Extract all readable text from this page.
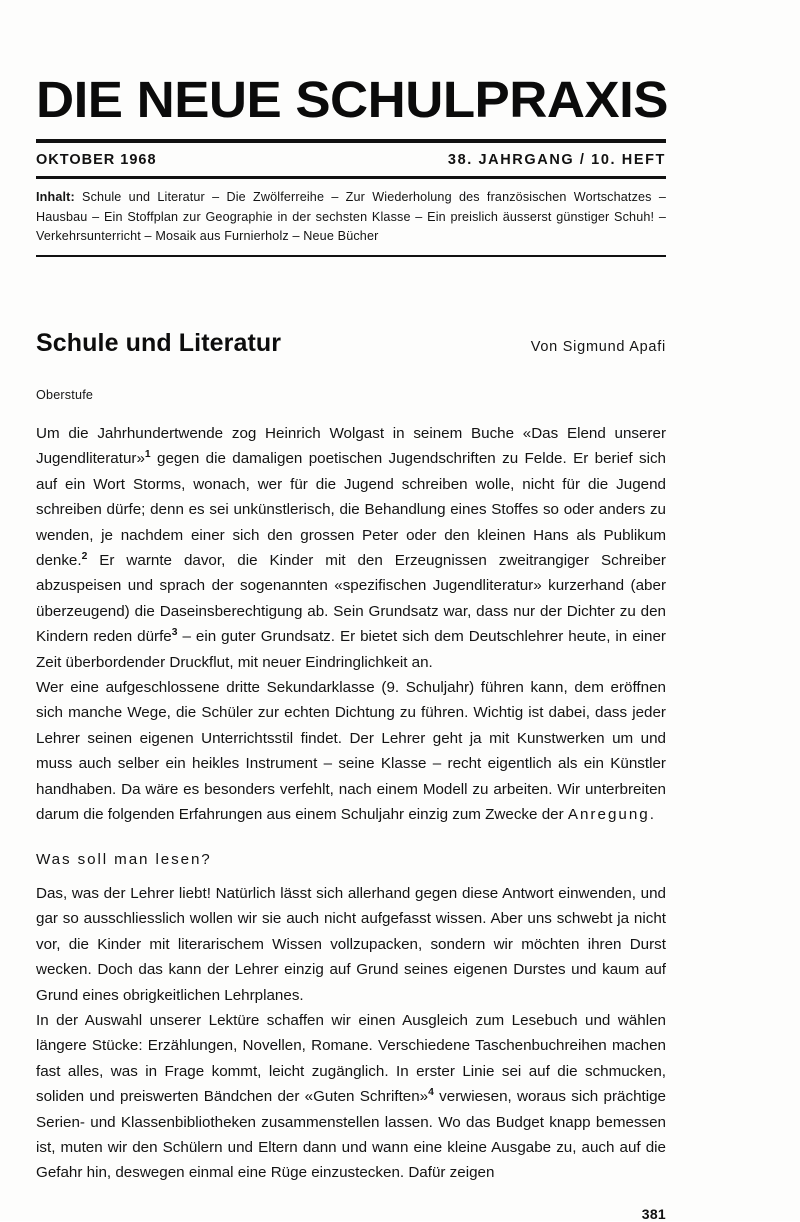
DIE NEUE SCHULPRAXIS
OKTOBER 1968	38. JAHRGANG / 10. HEFT
Inhalt: Schule und Literatur – Die Zwölferreihe – Zur Wiederholung des französischen Wortschatzes – Hausbau – Ein Stoffplan zur Geographie in der sechsten Klasse – Ein preislich äusserst günstiger Schuh! – Verkehrsunterricht – Mosaik aus Furnierholz – Neue Bücher
Schule und Literatur	Von Sigmund Apafi
Oberstufe

Um die Jahrhundertwende zog Heinrich Wolgast in seinem Buche «Das Elend unserer Jugendliteratur»$^1$ gegen die damaligen poetischen Jugendschriften zu Felde. Er berief sich auf ein Wort Storms, wonach, wer für die Jugend schreiben wolle, nicht für die Jugend schreiben dürfe; denn es sei unkünstlerisch, die Behandlung eines Stoffes so oder anders zu wenden, je nachdem einer sich den grossen Peter oder den kleinen Hans als Publikum denke.$^2$ Er warnte davor, die Kinder mit den Erzeugnissen zweitrangiger Schreiber abzuspeisen und sprach der sogenannten «spezifischen Jugendliteratur» kurzerhand (aber überzeugend) die Daseinsberechtigung ab. Sein Grundsatz war, dass nur der Dichter zu den Kindern reden dürfe$^3$ – ein guter Grundsatz. Er bietet sich dem Deutschlehrer heute, in einer Zeit überbordender Druckflut, mit neuer Eindringlichkeit an.

Wer eine aufgeschlossene dritte Sekundarklasse (9. Schuljahr) führen kann, dem eröffnen sich manche Wege, die Schüler zur echten Dichtung zu führen. Wichtig ist dabei, dass jeder Lehrer seinen eigenen Unterrichtsstil findet. Der Lehrer geht ja mit Kunstwerken um und muss auch selber ein heikles Instrument – seine Klasse – recht eigentlich als ein Künstler handhaben. Da wäre es besonders verfehlt, nach einem Modell zu arbeiten. Wir unterbreiten darum die folgenden Erfahrungen aus einem Schuljahr einzig zum Zwecke der Anregung.

Was soll man lesen?

Das, was der Lehrer liebt! Natürlich lässt sich allerhand gegen diese Antwort einwenden, und gar so ausschliesslich wollen wir sie auch nicht aufgefasst wissen. Aber uns schwebt ja nicht vor, die Kinder mit literarischem Wissen vollzupacken, sondern wir möchten ihren Durst wecken. Doch das kann der Lehrer einzig auf Grund seines eigenen Durstes und kaum auf Grund eines obrigkeitlichen Lehrplanes.

In der Auswahl unserer Lektüre schaffen wir einen Ausgleich zum Lesebuch und wählen längere Stücke: Erzählungen, Novellen, Romane. Verschiedene Taschenbuchreihen machen fast alles, was in Frage kommt, leicht zugänglich. In erster Linie sei auf die schmucken, soliden und preiswerten Bändchen der «Guten Schriften»$^4$ verwiesen, woraus sich prächtige Serien- und Klassenbibliotheken zusammenstellen lassen. Wo das Budget knapp bemessen ist, muten wir den Schülern und Eltern dann und wann eine kleine Ausgabe zu, auch auf die Gefahr hin, deswegen einmal eine Rüge einzustecken. Dafür zeigen

381
